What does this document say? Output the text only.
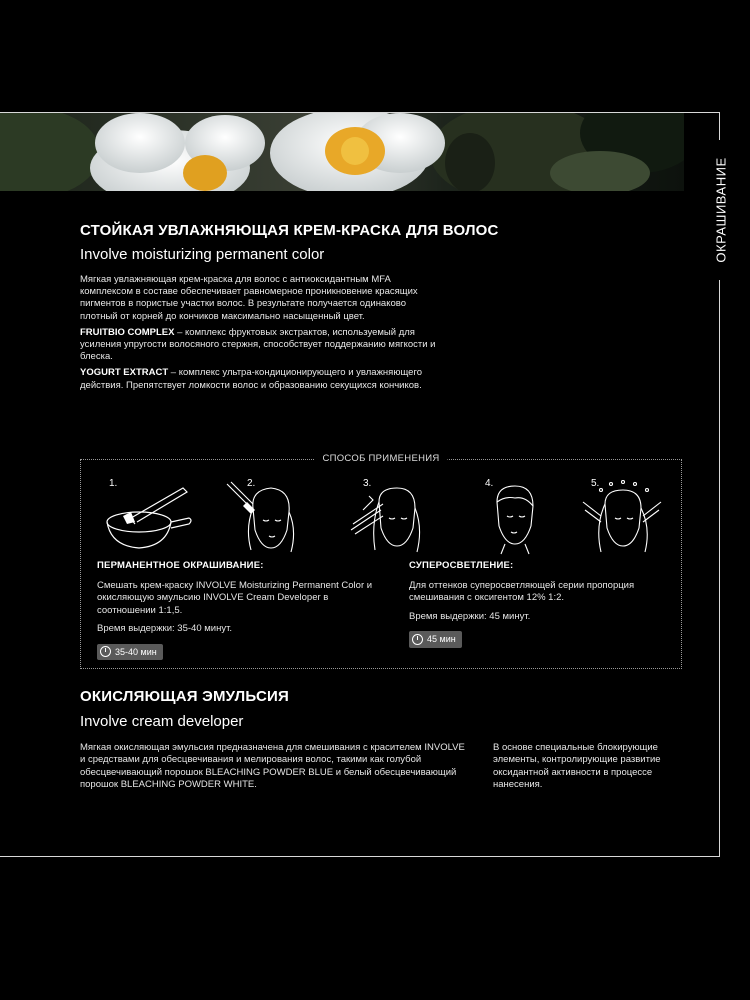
ОКРАШИВАНИЕ
СТОЙКАЯ УВЛАЖНЯЮЩАЯ КРЕМ-КРАСКА ДЛЯ ВОЛОС
Involve moisturizing permanent color

Мягкая увлажняющая крем-краска для волос с антиоксидантным MFA комплексом в составе обеспечивает равномерное проникновение красящих пигментов в пористые участки волос. В результате получается одинаково плотный от корней до кончиков максимально насыщенный цвет.

FRUITBIO COMPLEX – комплекс фруктовых экстрактов, используемый для усиления упругости волосяного стержня, способствует поддержанию мягкости и блеска.

YOGURT EXTRACT – комплекс ультра-кондиционирующего и увлажняющего действия. Препятствует ломкости волос и образованию секущихся кончиков.

СПОСОБ ПРИМЕНЕНИЯ
1.	2.	3.	4.	5.
ПЕРМАНЕНТНОЕ ОКРАШИВАНИЕ:

Смешать крем-краску INVOLVE Moisturizing Permanent Color и окисляющую эмульсию INVOLVE Cream Developer в соотношении 1:1,5.

Время выдержки: 35-40 минут.

35-40 мин
СУПЕРОСВЕТЛЕНИЕ:

Для оттенков суперосветляющей серии пропорция смешивания с оксигентом 12% 1:2.

Время выдержки: 45 минут.

45 мин
ОКИСЛЯЮЩАЯ ЭМУЛЬСИЯ
Involve cream developer
Мягкая окисляющая эмульсия предназначена для смешивания с красителем INVOLVE и средствами для обесцвечивания и мелирования волос, такими как голубой обесцвечивающий порошок BLEACHING POWDER BLUE и белый обесцвечивающий порошок BLEACHING POWDER WHITE.
В основе специальные блокирующие элементы, контролирующие развитие оксидантной активности в процессе нанесения.
